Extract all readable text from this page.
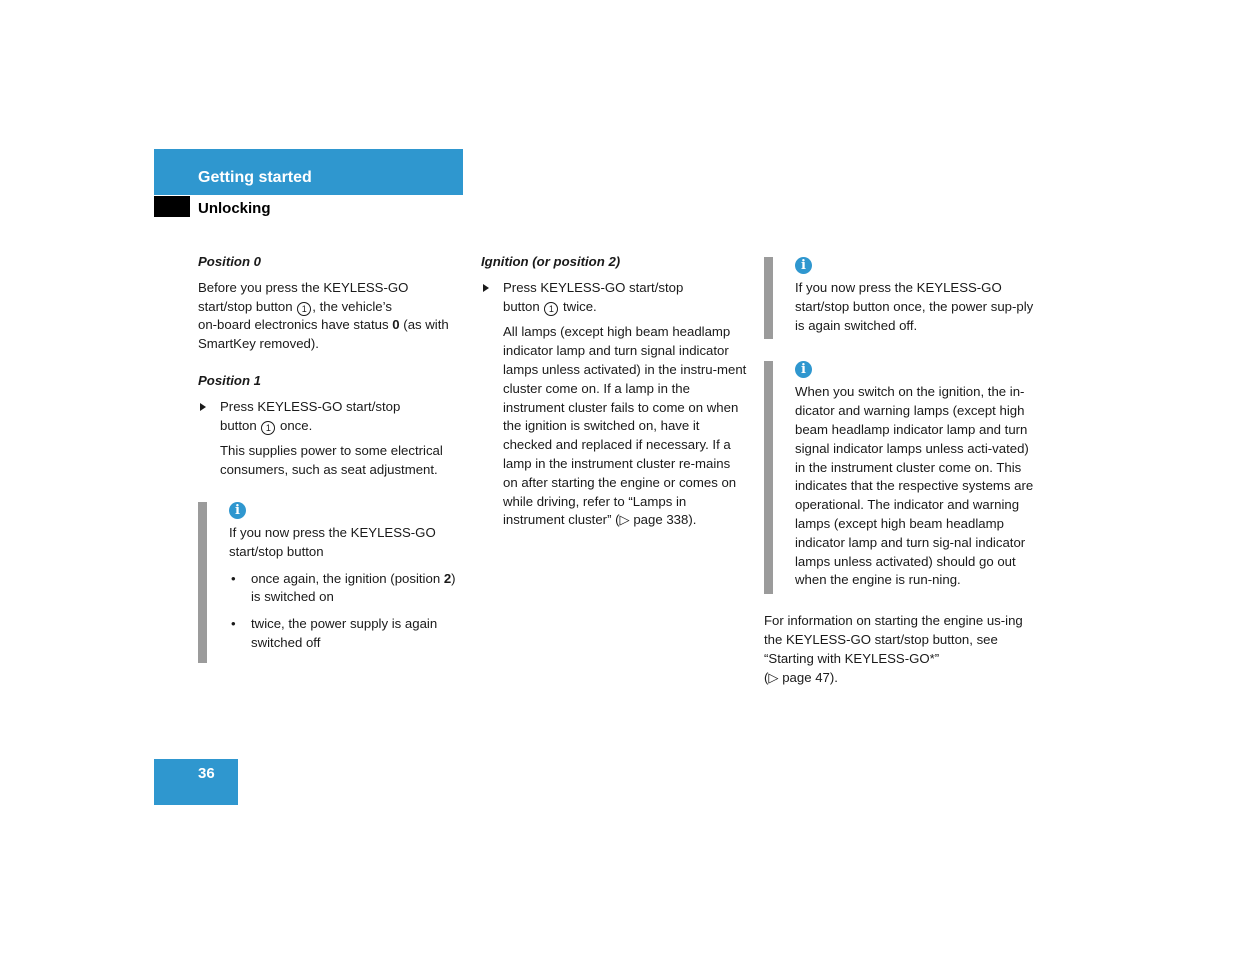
Getting started
Unlocking

Position 0

Before you press the KEYLESS-GO
start/stop button 1 , the vehicle’s
on-board electronics have status 0 (as with
SmartKey removed).

Position 1

Press KEYLESS-GO start/stop
button 1 once.

This supplies power to some electrical consumers, such as seat adjustment.

i

If you now press the KEYLESS-GO start/stop button

• once again, the ignition (position 2)
is switched on
• twice, the power supply is again switched off

Ignition (or position 2)

Press KEYLESS-GO start/stop
button 1 twice.

All lamps (except high beam headlamp indicator lamp and turn signal indicator lamps unless activated) in the instru-ment cluster come on. If a lamp in the instrument cluster fails to come on when the ignition is switched on, have it checked and replaced if necessary. If a lamp in the instrument cluster re-mains on after starting the engine or comes on while driving, refer to “Lamps in instrument cluster” (▷ page 338).

i

If you now press the KEYLESS-GO start/stop button once, the power sup-ply is again switched off.

i

When you switch on the ignition, the in-dicator and warning lamps (except high beam headlamp indicator lamp and turn signal indicator lamps unless acti-vated) in the instrument cluster come on. This indicates that the respective systems are operational. The indicator and warning lamps (except high beam headlamp indicator lamp and turn sig-nal indicator lamps unless activated) should go out when the engine is run-ning.

For information on starting the engine us-ing the KEYLESS-GO start/stop button, see “Starting with KEYLESS-GO*”
(▷ page 47).

36
